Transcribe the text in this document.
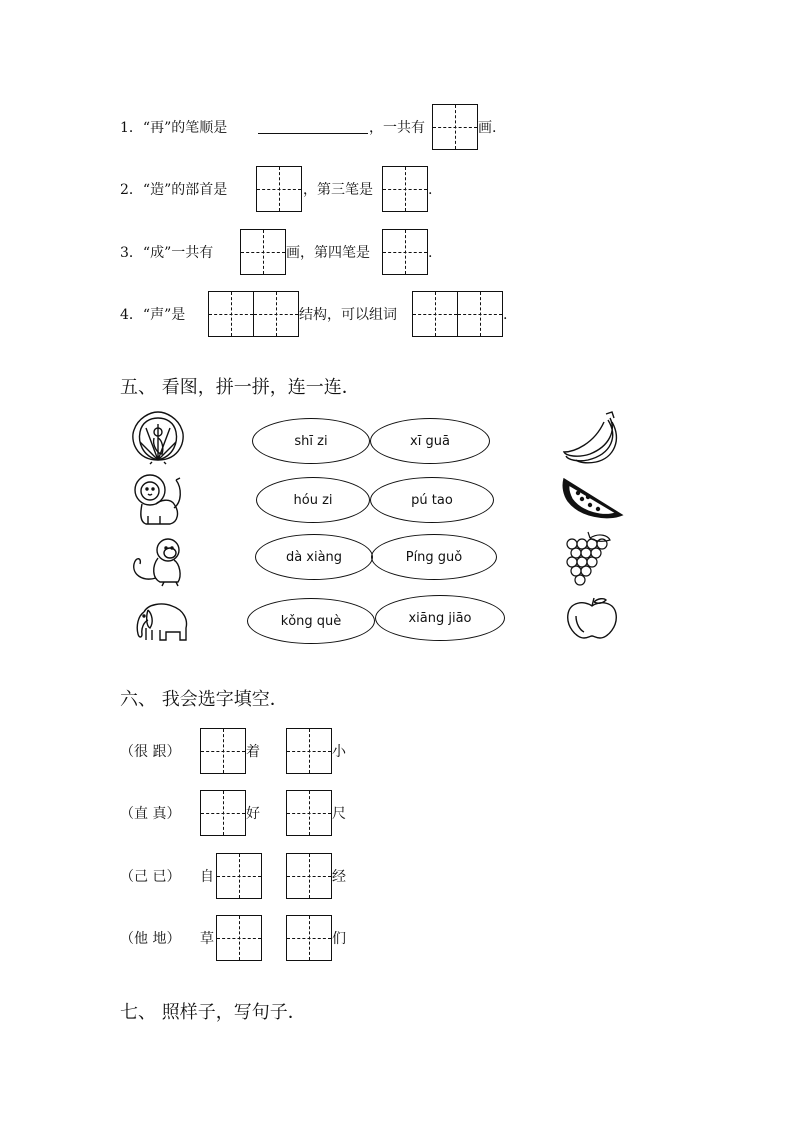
1．“再”的笔顺是	，一共有	画.
2．“造”的部首是	，第三笔是	.
3．“成”一共有	画，第四笔是	.
4．“声”是	结构，可以组词	.
五、 看图，拼一拼，连一连．
shī zi	xī guā
hóu zi	pú tao
dà xiàng	Píng guǒ
kǒng què	xiāng jiāo
六、 我会选字填空．
（很 跟）	着	小
（直 真）	好	尺
（己 已） 自	经
（他 地） 草	们
七、 照样子，写句子．
